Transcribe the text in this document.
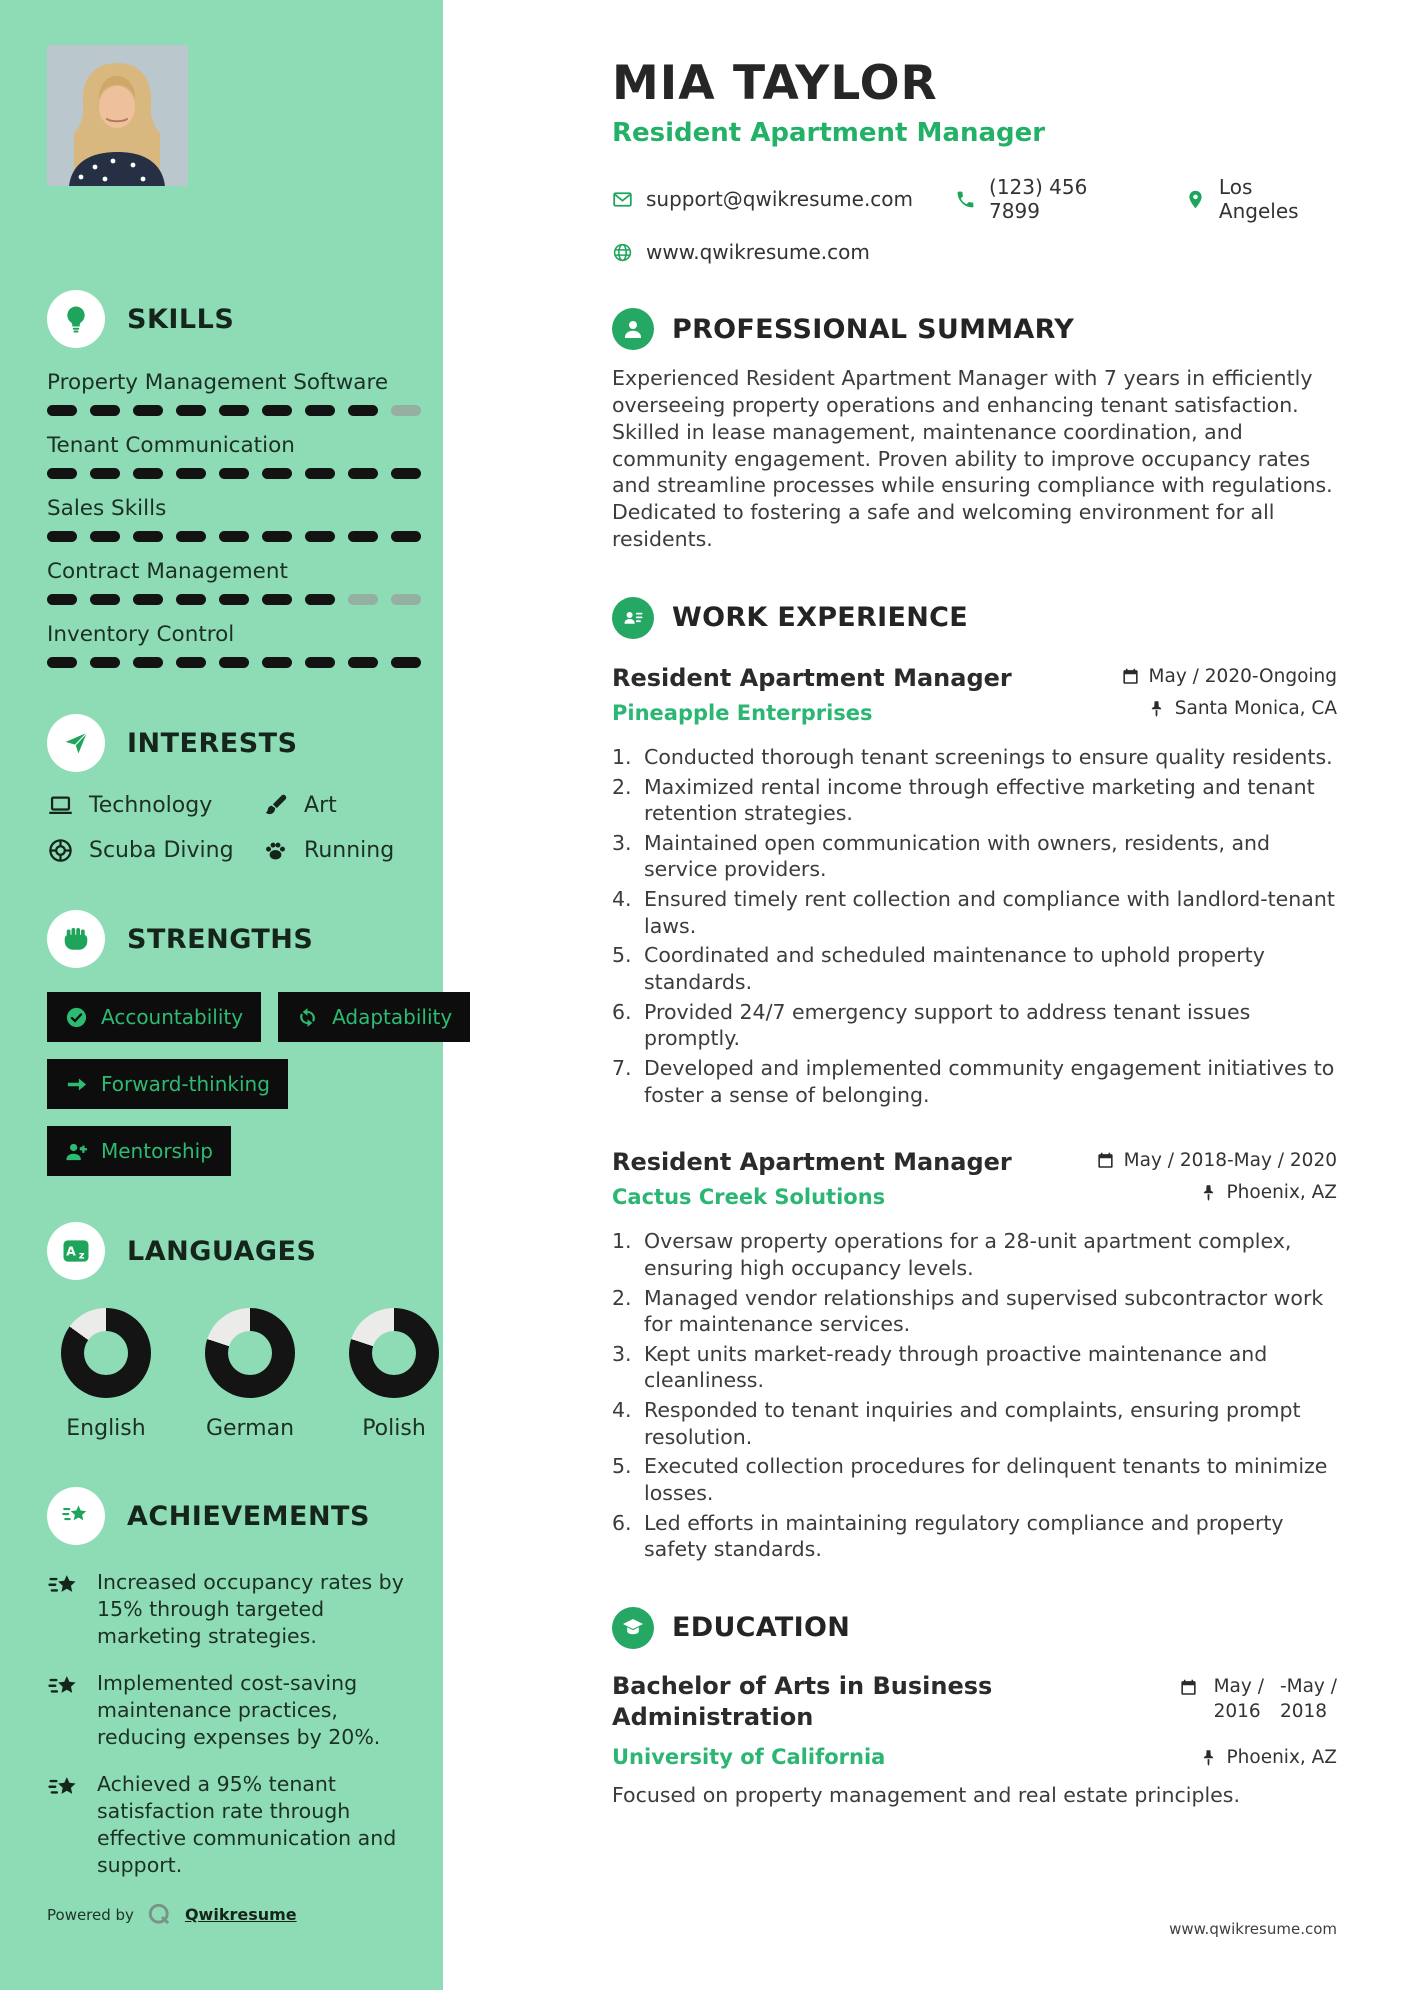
SKILLS
Property Management Software
Tenant Communication
Sales Skills
Contract Management
Inventory Control
INTERESTS
Technology	Art
Scuba Diving	Running
STRENGTHS
Accountability	Adaptability
Forward-thinking
Mentorship
A z LANGUAGES
English	German	Polish
ACHIEVEMENTS
Increased occupancy rates by 15% through targeted marketing strategies.
Implemented cost-saving maintenance practices, reducing expenses by 20%.
Achieved a 95% tenant satisfaction rate through effective communication and support.
Powered by	Qwikresume
MIA TAYLOR
Resident Apartment Manager
support@qwikresume.com	(123) 456 7899
Los Angeles
www.qwikresume.com
PROFESSIONAL SUMMARY
Experienced Resident Apartment Manager with 7 years in efficiently overseeing property operations and enhancing tenant satisfaction. Skilled in lease management, maintenance coordination, and community engagement. Proven ability to improve occupancy rates and streamline processes while ensuring compliance with regulations. Dedicated to fostering a safe and welcoming environment for all residents.
WORK EXPERIENCE
Resident Apartment Manager
Pineapple Enterprises
May / 2020-Ongoing
Santa Monica, CA
1. Conducted thorough tenant screenings to ensure quality residents.
2. Maximized rental income through effective marketing and tenant retention strategies.
3. Maintained open communication with owners, residents, and service providers.
4. Ensured timely rent collection and compliance with landlord-tenant laws.
5. Coordinated and scheduled maintenance to uphold property standards.
6. Provided 24/7 emergency support to address tenant issues promptly.
7. Developed and implemented community engagement initiatives to foster a sense of belonging.
Resident Apartment Manager
Cactus Creek Solutions
May / 2018-May / 2020
Phoenix, AZ
1. Oversaw property operations for a 28-unit apartment complex, ensuring high occupancy levels.
2. Managed vendor relationships and supervised subcontractor work for maintenance services.
3. Kept units market-ready through proactive maintenance and cleanliness.
4. Responded to tenant inquiries and complaints, ensuring prompt resolution.
5. Executed collection procedures for delinquent tenants to minimize losses.
6. Led efforts in maintaining regulatory compliance and property safety standards.
EDUCATION
Bachelor of Arts in Business Administration
May /
2016
-May /
2018
University of California	Phoenix, AZ
Focused on property management and real estate principles.
www.qwikresume.com
